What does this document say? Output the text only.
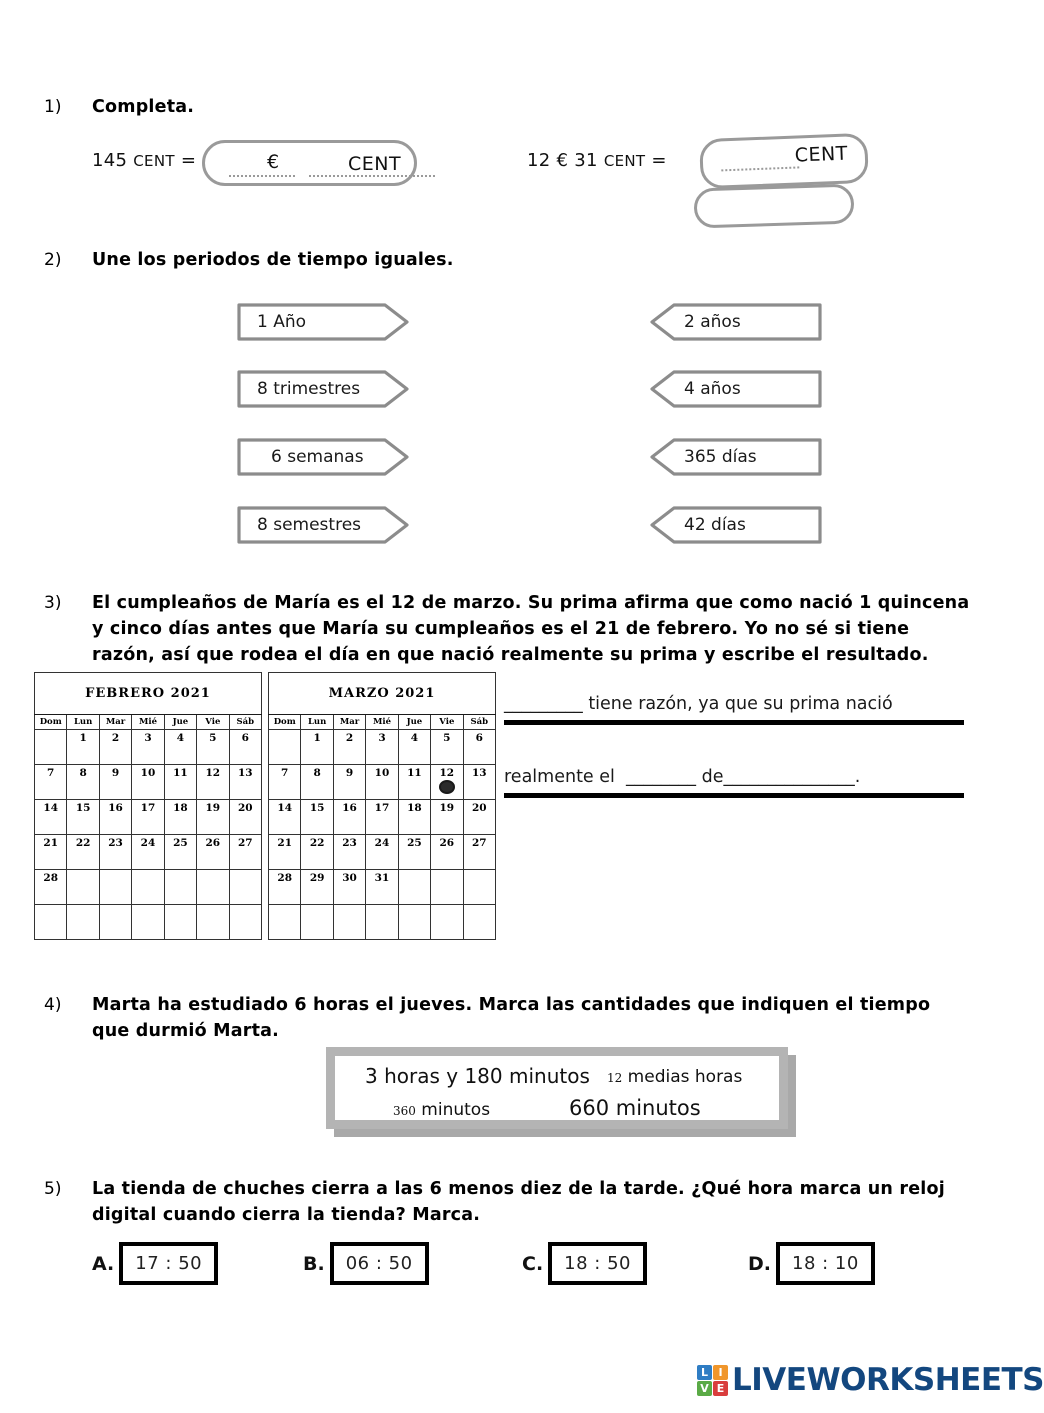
1) Completa.
145 CENT =	€	CENT	12 € 31 CENT =	CENT
2) Une los periodos de tiempo iguales.
1 Año
8 trimestres
6 semanas
8 semestres
2 años
4 años
365 días
42 días
3) El cumpleaños de María es el 12 de marzo. Su prima afirma que como nació 1 quincena y cinco días antes que María su cumpleaños es el 21 de febrero. Yo no sé si tiene razón, así que rodea el día en que nació realmente su prima y escribe el resultado.
FEBRERO 2021						
Dom	Lun	Mar	Mié	Jue	Vie	Sáb
	1	2	3	4	5	6
7	8	9	10	11	12	13
14	15	16	17	18	19	20
21	22	23	24	25	26	27
28						

MARZO 2021						
Dom	Lun	Mar	Mié	Jue	Vie	Sáb
	1	2	3	4	5	6
7	8	9	10	11	12	13
14	15	16	17	18	19	20
21	22	23	24	25	26	27
28	29	30	31			

_________ tiene razón, ya que su prima nació
realmente el ________ de_______________.
4) Marta ha estudiado 6 horas el jueves. Marca las cantidades que indiquen el tiempo que durmió Marta.
3 horas y 180 minutos 12 medias horas
360 minutos	660 minutos
5) La tienda de chuches cierra a las 6 menos diez de la tarde. ¿Qué hora marca un reloj digital cuando cierra la tienda? Marca.
A.	17 : 50	B.	06 : 50	C.	18 : 50	D.	18 : 10
L I
V E LIVEWORKSHEETS
